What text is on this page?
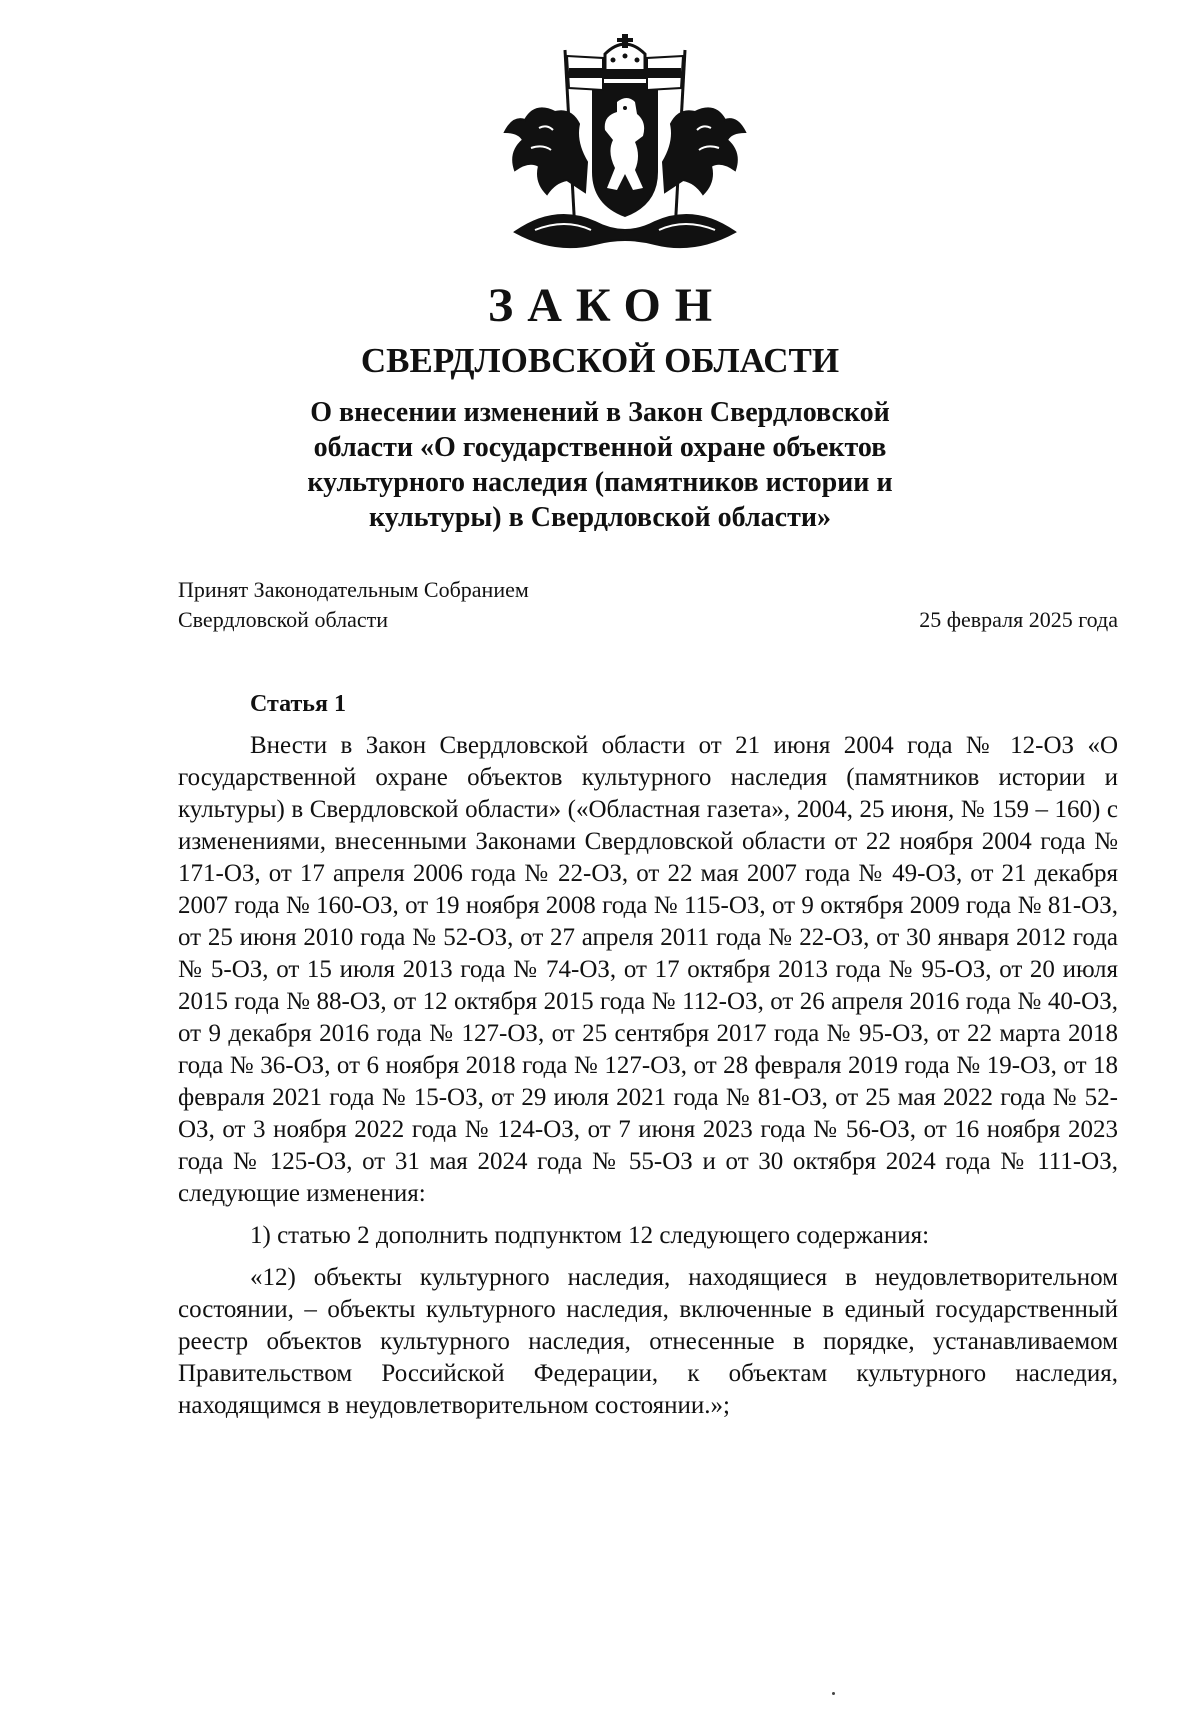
ЗАКОН
СВЕРДЛОВСКОЙ ОБЛАСТИ
О внесении изменений в Закон Свердловской области «О государственной охране объектов культурного наследия (памятников истории и культуры) в Свердловской области»
Принят Законодательным Собранием
Свердловской области	25 февраля 2025 года
Статья 1

Внести в Закон Свердловской области от 21 июня 2004 года № 12-ОЗ «О государственной охране объектов культурного наследия (памятников истории и культуры) в Свердловской области» («Областная газета», 2004, 25 июня, № 159 – 160) с изменениями, внесенными Законами Свердловской области от 22 ноября 2004 года № 171-ОЗ, от 17 апреля 2006 года № 22-ОЗ, от 22 мая 2007 года № 49-ОЗ, от 21 декабря 2007 года № 160-ОЗ, от 19 ноября 2008 года № 115-ОЗ, от 9 октября 2009 года № 81-ОЗ, от 25 июня 2010 года № 52-ОЗ, от 27 апреля 2011 года № 22-ОЗ, от 30 января 2012 года № 5-ОЗ, от 15 июля 2013 года № 74-ОЗ, от 17 октября 2013 года № 95-ОЗ, от 20 июля 2015 года № 88-ОЗ, от 12 октября 2015 года № 112-ОЗ, от 26 апреля 2016 года № 40-ОЗ, от 9 декабря 2016 года № 127-ОЗ, от 25 сентября 2017 года № 95-ОЗ, от 22 марта 2018 года № 36-ОЗ, от 6 ноября 2018 года № 127-ОЗ, от 28 февраля 2019 года № 19-ОЗ, от 18 февраля 2021 года № 15-ОЗ, от 29 июля 2021 года № 81-ОЗ, от 25 мая 2022 года № 52-ОЗ, от 3 ноября 2022 года № 124-ОЗ, от 7 июня 2023 года № 56-ОЗ, от 16 ноября 2023 года № 125-ОЗ, от 31 мая 2024 года № 55-ОЗ и от 30 октября 2024 года № 111-ОЗ, следующие изменения:

1) статью 2 дополнить подпунктом 12 следующего содержания:

«12) объекты культурного наследия, находящиеся в неудовлетворительном состоянии, – объекты культурного наследия, включенные в единый государственный реестр объектов культурного наследия, отнесенные в порядке, устанавливаемом Правительством Российской Федерации, к объектам культурного наследия, находящимся в неудовлетворительном состоянии.»;
